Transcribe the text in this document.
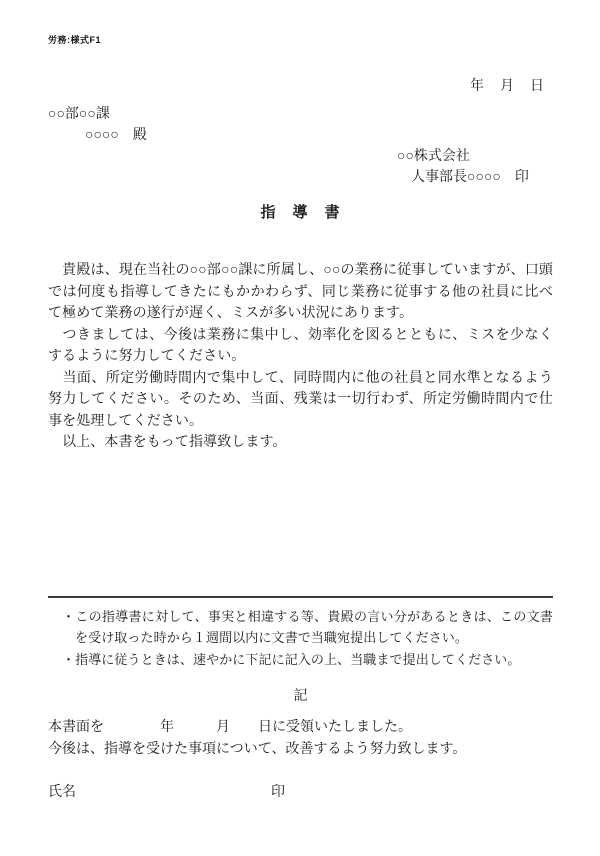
労務:様式F1
年　月　日
○○部○○課
○○○○　殿
○○株式会社
人事部長○○○○　印
指　導　書

　貴殿は、現在当社の○○部○○課に所属し、○○の業務に従事していますが、口頭では何度も指導してきたにもかかわらず、同じ業務に従事する他の社員に比べて極めて業務の遂行が遅く、ミスが多い状況にあります。

　つきましては、今後は業務に集中し、効率化を図るとともに、ミスを少なくするように努力してください。

　当面、所定労働時間内で集中して、同時間内に他の社員と同水準となるよう努力してください。そのため、当面、残業は一切行わず、所定労働時間内で仕事を処理してください。

　以上、本書をもって指導致します。

・この指導書に対して、事実と相違する等、貴殿の言い分があるときは、この文書を受け取った時から１週間以内に文書で当職宛提出してください。
・指導に従うときは、速やかに下記に記入の上、当職まで提出してください。
記
本書面を　　　　年　　　月　　日に受領いたしました。
今後は、指導を受けた事項について、改善するよう努力致します。
氏名	印
